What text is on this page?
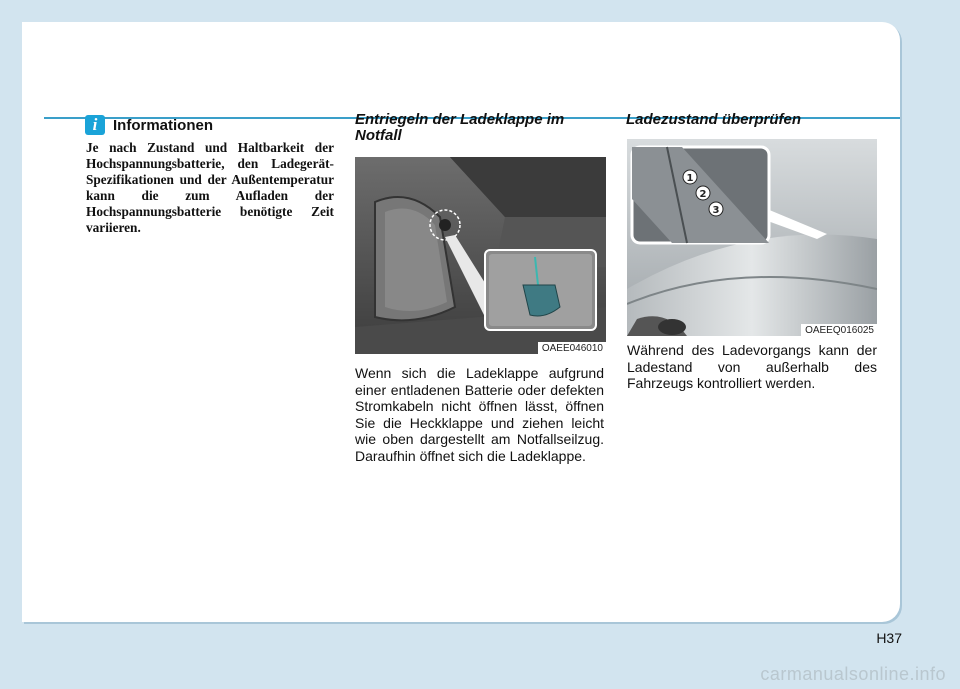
i	Informationen
Je nach Zustand und Haltbarkeit der Hochspannungsbatterie, den Ladegerät-Spezifikationen und der Außentemperatur kann die zum Aufladen der Hochspannungsbatterie benötigte Zeit variieren.
Entriegeln der Ladeklappe im Notfall
OAEE046010
Wenn sich die Ladeklappe aufgrund einer entladenen Batterie oder defekten Stromkabeln nicht öffnen lässt, öffnen Sie die Heckklappe und ziehen leicht wie oben dargestellt am Notfallseilzug. Daraufhin öffnet sich die Ladeklappe.
Ladezustand überprüfen
1
2
3
OAEEQ016025
Während des Ladevorgangs kann der Ladestand von außerhalb des Fahrzeugs kontrolliert werden.
H37
carmanualsonline.info
